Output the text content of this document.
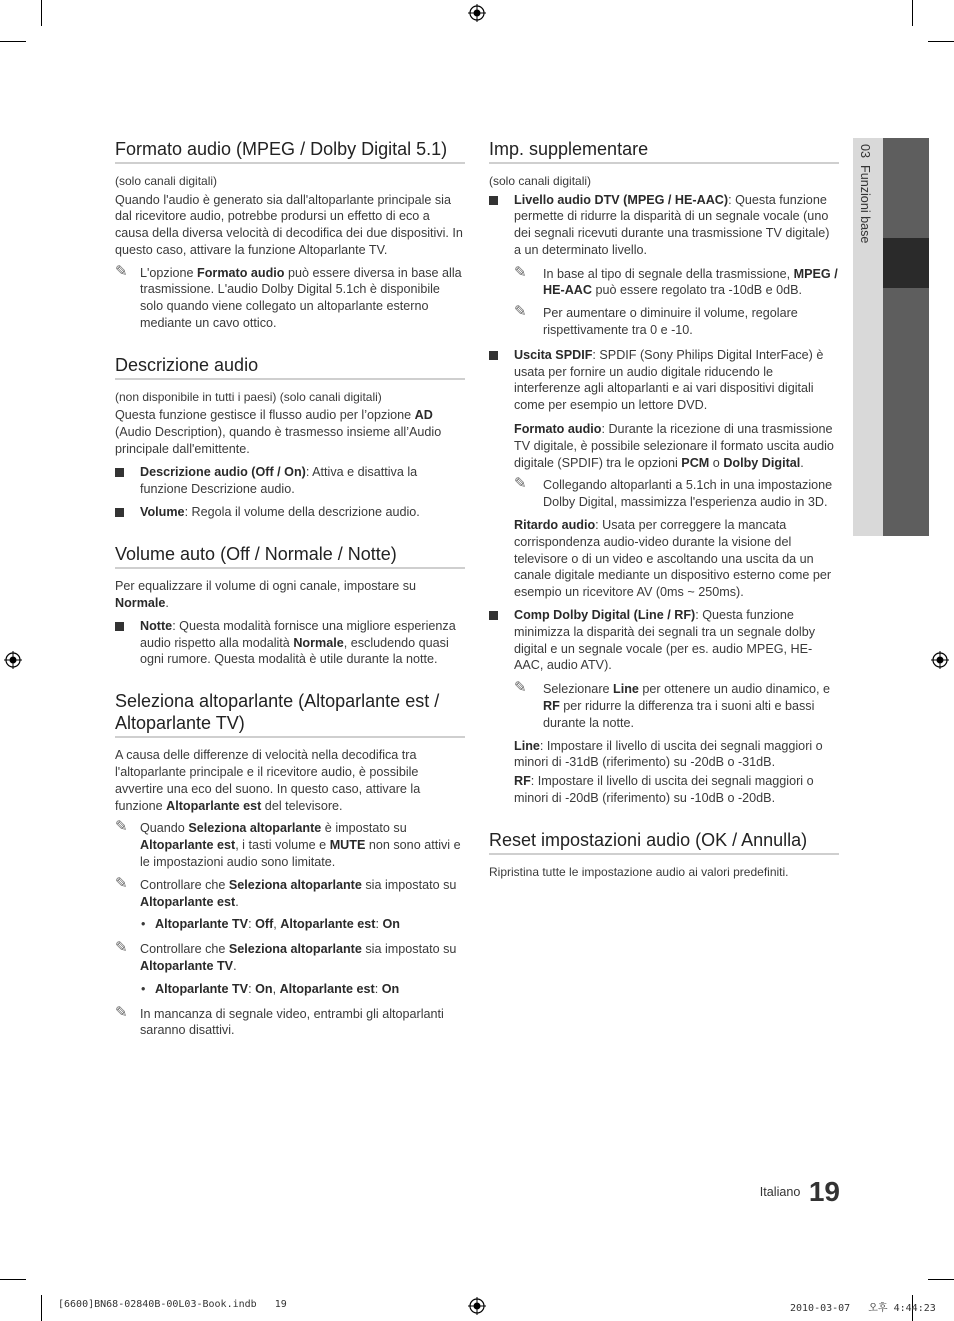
03  Funzioni base
Formato audio (MPEG / Dolby Digital 5.1)
(solo canali digitali)

Quando l'audio è generato sia dall'altoparlante principale sia dal ricevitore audio, potrebbe prodursi un effetto di eco a causa della diversa velocità di decodifica dei due dispositivi. In questo caso, attivare la funzione Altoparlante TV.

✎ L'opzione Formato audio può essere diversa in base alla trasmissione. L'audio Dolby Digital 5.1ch è disponibile solo quando viene collegato un altoparlante esterno mediante un cavo ottico.
Descrizione audio
(non disponibile in tutti i paesi) (solo canali digitali)

Questa funzione gestisce il flusso audio per l’opzione AD (Audio Description), quando è trasmesso insieme all’Audio principale dall'emittente.

Descrizione audio (Off / On): Attiva e disattiva la funzione Descrizione audio.
Volume: Regola il volume della descrizione audio.
Volume auto (Off / Normale / Notte)

Per equalizzare il volume di ogni canale, impostare su Normale.

Notte: Questa modalità fornisce una migliore esperienza audio rispetto alla modalità Normale, escludendo quasi ogni rumore. Questa modalità è utile durante la notte.
Seleziona altoparlante (Altoparlante est / Altoparlante TV)

A causa delle differenze di velocità nella decodifica tra l'altoparlante principale e il ricevitore audio, è possibile avvertire una eco del suono. In questo caso, attivare la funzione Altoparlante est del televisore.

✎ Quando Seleziona altoparlante è impostato su Altoparlante est, i tasti volume e MUTE non sono attivi e le impostazioni audio sono limitate.
✎ Controllare che Seleziona altoparlante sia impostato su Altoparlante est.
• Altoparlante TV: Off, Altoparlante est: On
✎ Controllare che Seleziona altoparlante sia impostato su Altoparlante TV.
• Altoparlante TV: On, Altoparlante est: On
✎ In mancanza di segnale video, entrambi gli altoparlanti saranno disattivi.
Imp. supplementare
(solo canali digitali)
Livello audio DTV (MPEG / HE-AAC): Questa funzione permette di ridurre la disparità di un segnale vocale (uno dei segnali ricevuti durante una trasmissione TV digitale) a un determinato livello.
✎ In base al tipo di segnale della trasmissione, MPEG / HE-AAC può essere regolato tra -10dB e 0dB.
✎ Per aumentare o diminuire il volume, regolare rispettivamente tra 0 e -10.
Uscita SPDIF: SPDIF (Sony Philips Digital InterFace) è usata per fornire un audio digitale riducendo le interferenze agli altoparlanti e ai vari dispositivi digitali come per esempio un lettore DVD.

Formato audio: Durante la ricezione di una trasmissione TV digitale, è possibile selezionare il formato uscita audio digitale (SPDIF) tra le opzioni PCM o Dolby Digital.

✎ Collegando altoparlanti a 5.1ch in una impostazione Dolby Digital, massimizza l'esperienza audio in 3D.

Ritardo audio: Usata per correggere la mancata corrispondenza audio-video durante la visione del televisore o di un video e ascoltando una uscita da un canale digitale mediante un dispositivo esterno come per esempio un ricevitore AV (0ms ~ 250ms).

Comp Dolby Digital (Line / RF): Questa funzione minimizza la disparità dei segnali tra un segnale dolby digital e un segnale vocale (per es. audio MPEG, HE-AAC, audio ATV).
✎ Selezionare Line per ottenere un audio dinamico, e RF per ridurre la differenza tra i suoni alti e bassi durante la notte.

Line: Impostare il livello di uscita dei segnali maggiori o minori di -31dB (riferimento) su -20dB o -31dB.

RF: Impostare il livello di uscita dei segnali maggiori o minori di -20dB (riferimento) su -10dB o -20dB.

Reset impostazioni audio (OK / Annulla)

Ripristina tutte le impostazione audio ai valori predefiniti.

Italiano 19
[6600]BN68-02840B-00L03-Book.indb   19	2010-03-07   오후 4:44:23
